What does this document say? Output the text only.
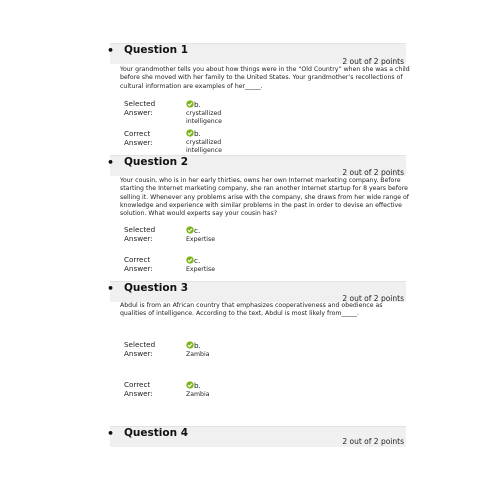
• Question 1
2 out of 2 points
Your grandmother tells you about how things were in the “Old Country” when she was a child before she moved with her family to the United States. Your grandmother’s recollections of cultural information are examples of her_____.
Selected Answer:
b.
crystallized intelligence
Correct Answer:
b.
crystallized intelligence
• Question 2
2 out of 2 points
Your cousin, who is in her early thirties, owns her own Internet marketing company. Before starting the Internet marketing company, she ran another Internet startup for 8 years before selling it. Whenever any problems arise with the company, she draws from her wide range of knowledge and experience with similar problems in the past in order to devise an effective solution. What would experts say your cousin has?
Selected Answer:
c.
Expertise
Correct Answer:
c.
Expertise
• Question 3
2 out of 2 points
Abdul is from an African country that emphasizes cooperativeness and obedience as qualities of intelligence. According to the text, Abdul is most likely from_____.
Selected Answer:
b.
Zambia
Correct Answer:
b.
Zambia
• Question 4
2 out of 2 points
